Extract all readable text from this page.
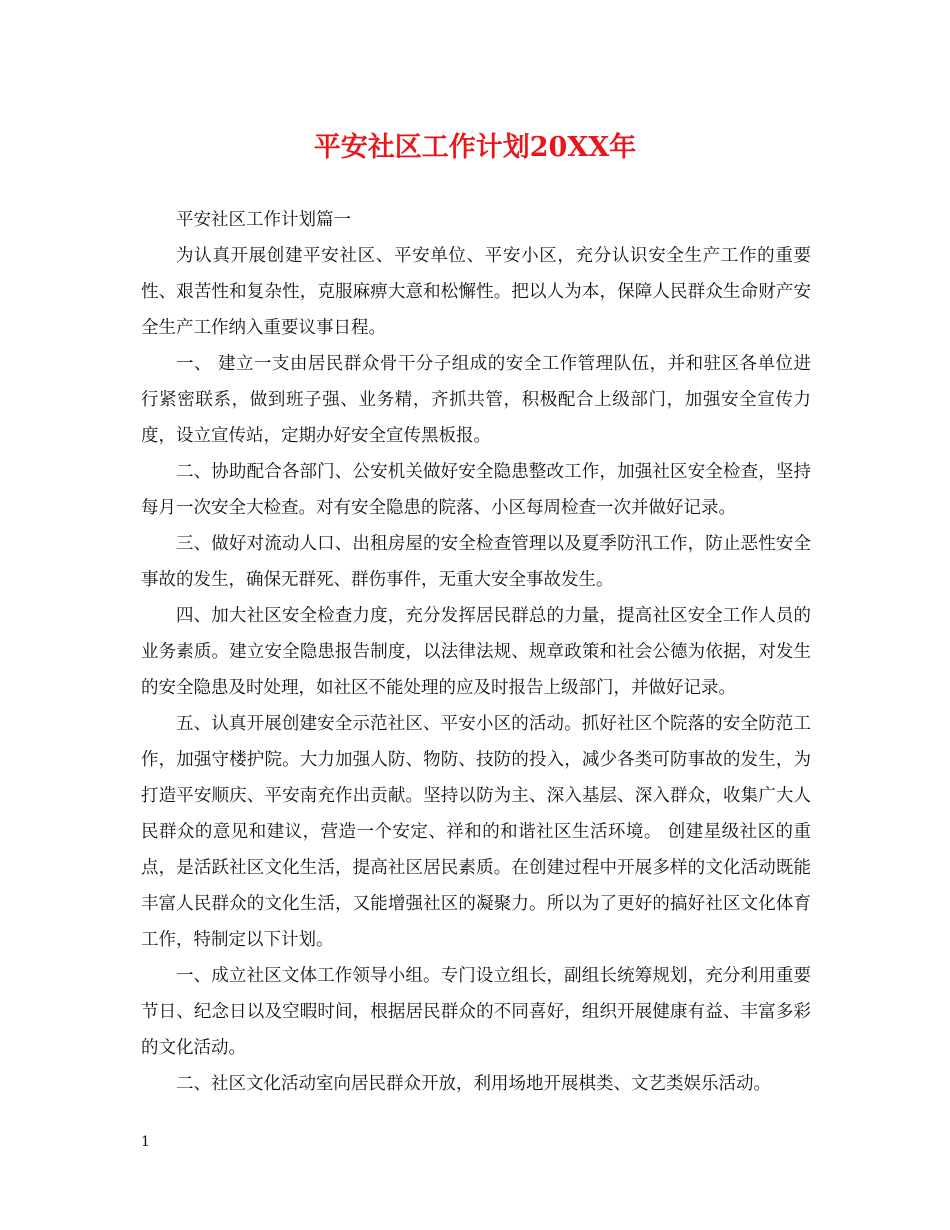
平安社区工作计划20XX年

平安社区工作计划篇一

为认真开展创建平安社区、平安单位、平安小区，充分认识安全生产工作的重要性、艰苦性和复杂性，克服麻痹大意和松懈性。把以人为本，保障人民群众生命财产安全生产工作纳入重要议事日程。

一、 建立一支由居民群众骨干分子组成的安全工作管理队伍，并和驻区各单位进行紧密联系，做到班子强、业务精，齐抓共管，积极配合上级部门，加强安全宣传力度，设立宣传站，定期办好安全宣传黑板报。

二、协助配合各部门、公安机关做好安全隐患整改工作，加强社区安全检查，坚持每月一次安全大检查。对有安全隐患的院落、小区每周检查一次并做好记录。

三、做好对流动人口、出租房屋的安全检查管理以及夏季防汛工作，防止恶性安全事故的发生，确保无群死、群伤事件，无重大安全事故发生。

四、加大社区安全检查力度，充分发挥居民群总的力量，提高社区安全工作人员的业务素质。建立安全隐患报告制度，以法律法规、规章政策和社会公德为依据，对发生的安全隐患及时处理，如社区不能处理的应及时报告上级部门，并做好记录。

五、认真开展创建安全示范社区、平安小区的活动。抓好社区个院落的安全防范工作，加强守楼护院。大力加强人防、物防、技防的投入，减少各类可防事故的发生，为打造平安顺庆、平安南充作出贡献。坚持以防为主、深入基层、深入群众，收集广大人民群众的意见和建议，营造一个安定、祥和的和谐社区生活环境。 创建星级社区的重点，是活跃社区文化生活，提高社区居民素质。在创建过程中开展多样的文化活动既能丰富人民群众的文化生活，又能增强社区的凝聚力。所以为了更好的搞好社区文化体育工作，特制定以下计划。

一、成立社区文体工作领导小组。专门设立组长，副组长统筹规划，充分利用重要节日、纪念日以及空暇时间，根据居民群众的不同喜好，组织开展健康有益、丰富多彩的文化活动。

二、社区文化活动室向居民群众开放，利用场地开展棋类、文艺类娱乐活动。

1
